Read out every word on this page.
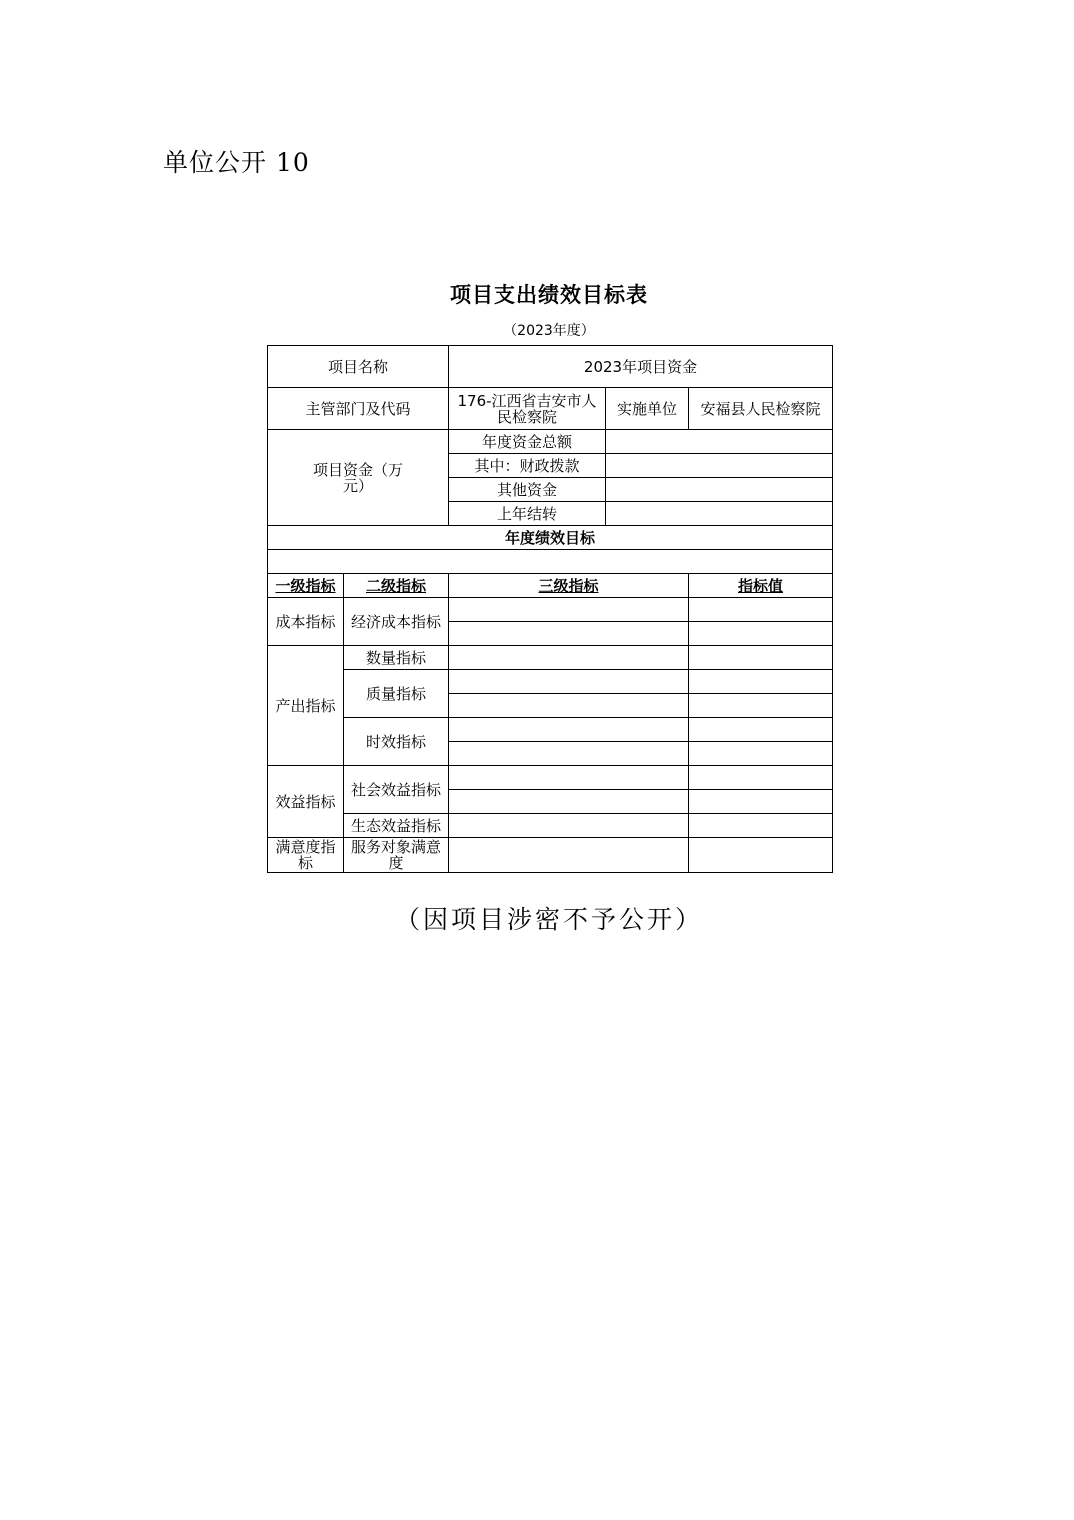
单位公开 10
项目支出绩效目标表
（2023年度）
项目名称		2023年项目资金		
主管部门及代码		176-江西省吉安市人民检察院	实施单位	安福县人民检察院
项目资金（万元）		年度资金总额		
		其中：财政拨款		
		其他资金		
		上年结转		
年度绩效目标				

一级指标	二级指标	三级指标		指标值
成本指标	经济成本指标			

产出指标	数量指标			
	质量指标			

	时效指标			

效益指标	社会效益指标			

	生态效益指标			
满意度指标	服务对象满意度			
（因项目涉密不予公开）
